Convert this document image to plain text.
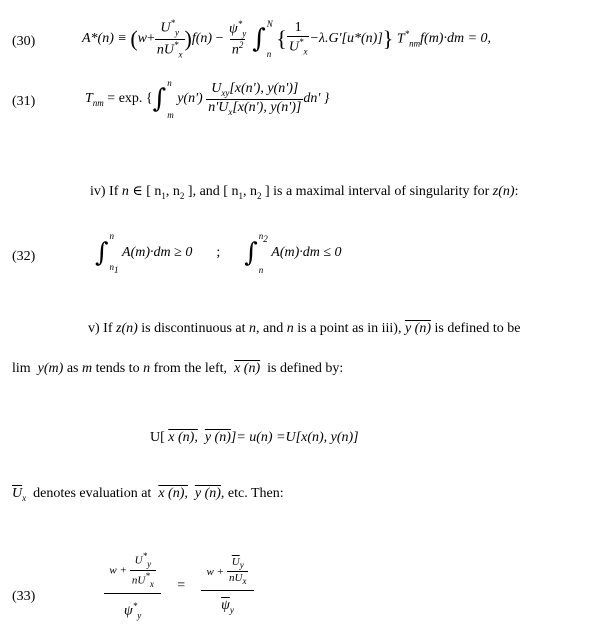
(30)	A*(n) ≡
( $w + \frac{U^*_y}{nU^*_x}$ ) f(n)
−
$\frac{\psi^*_y}{n^2}$ ∫ N
n

{ $\frac{1}{U^*_x} -\lambda.G'[u*(n)]$ }
$T^*_{nm}$ f(m)·dm = 0,
(31)	$T_{nm}$
= exp. { ∫
n
m

y(n')
$\frac{U_{xy}[x(n'), y(n')]}{n'U_x[x(n'), y(n')]} dn'$ }
iv) If n ∈ [ $n_1$, $n_2$ ], and [ $n_1$, $n_2$ ] is a maximal interval of singularity for z(n):
(32) ∫
n
$n_1$

A(m)·dm ≥ 0 ; ∫
$n_2$
n

A(m)·dm ≤ 0
v) If z(n) is discontinuous at n, and n is a point as in iii), y (n) is defined to be
lim y(m) as m tends to n from the left, x (n) is defined by:
U[ x (n), y (n)]= u(n) =U[x(n), y(n)]
$\overline{U}_x$ denotes evaluation at x (n), y (n), etc. Then:
(33)	$\frac{w + \frac{U^*_y}{nU^*_x}}{\psi^*_y} = \frac{w + \frac{\overline{U}_y}{\overline{nU}_x}}{\overline{\psi}_y}$
